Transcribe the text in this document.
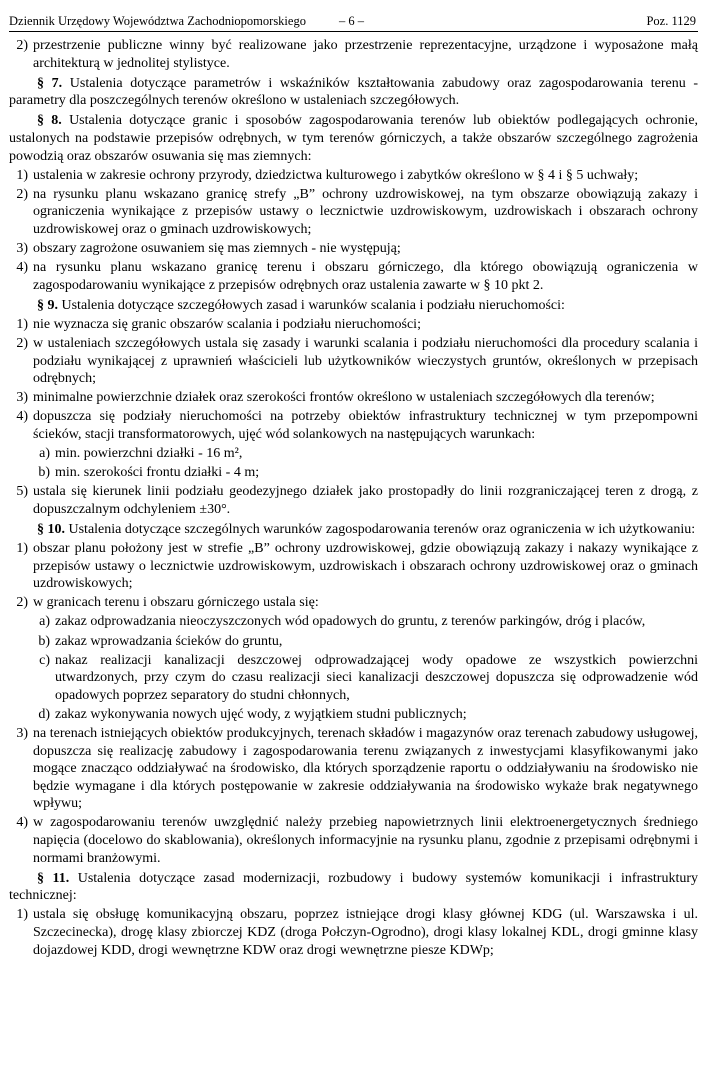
Dziennik Urzędowy Województwa Zachodniopomorskiego	– 6 –	Poz. 1129
2) przestrzenie publiczne winny być realizowane jako przestrzenie reprezentacyjne, urządzone i wyposażone małą architekturą w jednolitej stylistyce.
§ 7. Ustalenia dotyczące parametrów i wskaźników kształtowania zabudowy oraz zagospodarowania terenu - parametry dla poszczególnych terenów określono w ustaleniach szczegółowych.
§ 8. Ustalenia dotyczące granic i sposobów zagospodarowania terenów lub obiektów podlegających ochronie, ustalonych na podstawie przepisów odrębnych, w tym terenów górniczych, a także obszarów szczególnego zagrożenia powodzią oraz obszarów osuwania się mas ziemnych:
1) ustalenia w zakresie ochrony przyrody, dziedzictwa kulturowego i zabytków określono w § 4 i § 5 uchwały;
2) na rysunku planu wskazano granicę strefy „B” ochrony uzdrowiskowej, na tym obszarze obowiązują zakazy i ograniczenia wynikające z przepisów ustawy o lecznictwie uzdrowiskowym, uzdrowiskach i obszarach ochrony uzdrowiskowej oraz o gminach uzdrowiskowych;
3) obszary zagrożone osuwaniem się mas ziemnych - nie występują;
4) na rysunku planu wskazano granicę terenu i obszaru górniczego, dla którego obowiązują ograniczenia w zagospodarowaniu wynikające z przepisów odrębnych oraz ustalenia zawarte w § 10 pkt 2.
§ 9. Ustalenia dotyczące szczegółowych zasad i warunków scalania i podziału nieruchomości:
1) nie wyznacza się granic obszarów scalania i podziału nieruchomości;
2) w ustaleniach szczegółowych ustala się zasady i warunki scalania i podziału nieruchomości dla procedury scalania i podziału wynikającej z uprawnień właścicieli lub użytkowników wieczystych gruntów, określonych w przepisach odrębnych;
3) minimalne powierzchnie działek oraz szerokości frontów określono w ustaleniach szczegółowych dla terenów;
4) dopuszcza się podziały nieruchomości na potrzeby obiektów infrastruktury technicznej w tym przepompowni ścieków, stacji transformatorowych, ujęć wód solankowych na następujących warunkach:
a) min. powierzchni działki - 16 m²,
b) min. szerokości frontu działki - 4 m;
5) ustala się kierunek linii podziału geodezyjnego działek jako prostopadły do linii rozgraniczającej teren z drogą, z dopuszczalnym odchyleniem ±30°.
§ 10. Ustalenia dotyczące szczególnych warunków zagospodarowania terenów oraz ograniczenia w ich użytkowaniu:
1) obszar planu położony jest w strefie „B” ochrony uzdrowiskowej, gdzie obowiązują zakazy i nakazy wynikające z przepisów ustawy o lecznictwie uzdrowiskowym, uzdrowiskach i obszarach ochrony uzdrowiskowej oraz o gminach uzdrowiskowych;
2) w granicach terenu i obszaru górniczego ustala się:
a) zakaz odprowadzania nieoczyszczonych wód opadowych do gruntu, z terenów parkingów, dróg i placów,
b) zakaz wprowadzania ścieków do gruntu,
c) nakaz realizacji kanalizacji deszczowej odprowadzającej wody opadowe ze wszystkich powierzchni utwardzonych, przy czym do czasu realizacji sieci kanalizacji deszczowej dopuszcza się odprowadzenie wód opadowych poprzez separatory do studni chłonnych,
d) zakaz wykonywania nowych ujęć wody, z wyjątkiem studni publicznych;
3) na terenach istniejących obiektów produkcyjnych, terenach składów i magazynów oraz terenach zabudowy usługowej, dopuszcza się realizację zabudowy i zagospodarowania terenu związanych z inwestycjami klasyfikowanymi jako mogące znacząco oddziaływać na środowisko, dla których sporządzenie raportu o oddziaływaniu na środowisko nie będzie wymagane i dla których postępowanie w zakresie oddziaływania na środowisko wykaże brak negatywnego wpływu;
4) w zagospodarowaniu terenów uwzględnić należy przebieg napowietrznych linii elektroenergetycznych średniego napięcia (docelowo do skablowania), określonych informacyjnie na rysunku planu, zgodnie z przepisami odrębnymi i normami branżowymi.
§ 11. Ustalenia dotyczące zasad modernizacji, rozbudowy i budowy systemów komunikacji i infrastruktury technicznej:
1) ustala się obsługę komunikacyjną obszaru, poprzez istniejące drogi klasy głównej KDG (ul. Warszawska i ul. Szczecinecka), drogę klasy zbiorczej KDZ (droga Połczyn-Ogrodno), drogi klasy lokalnej KDL, drogi gminne klasy dojazdowej KDD, drogi wewnętrzne KDW oraz drogi wewnętrzne piesze KDWp;
